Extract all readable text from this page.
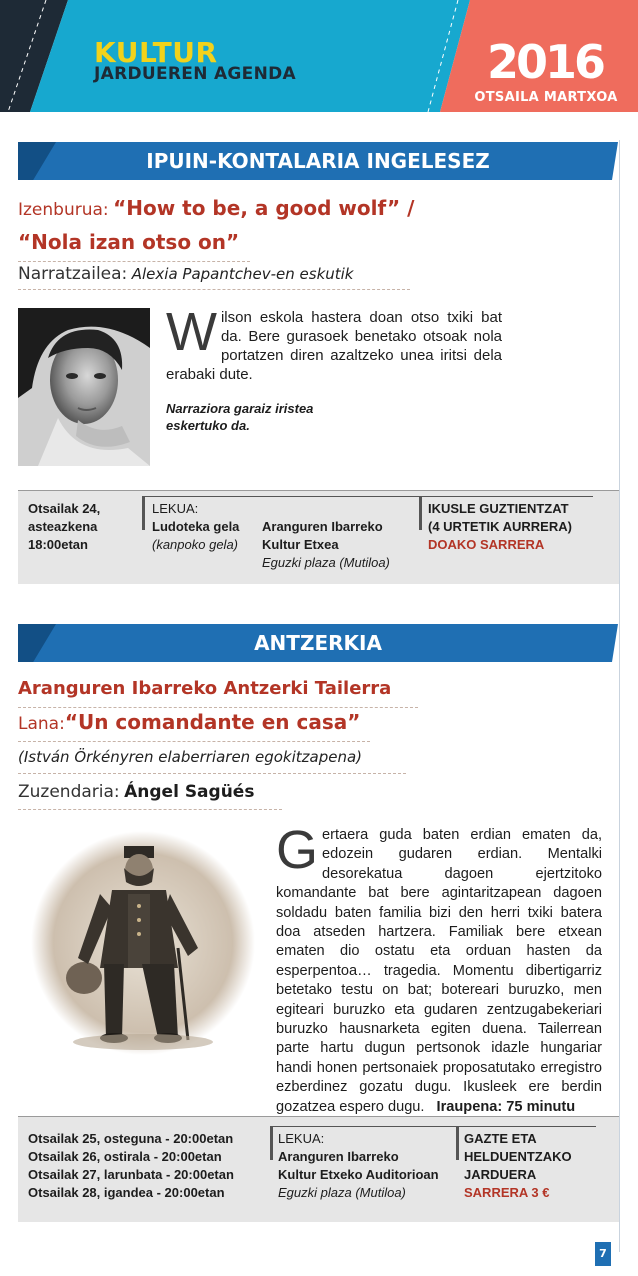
KULTUR
JARDUEREN AGENDA	2016
OTSAILA MARTXOA
IPUIN-KONTALARIA INGELESEZ
Izenburua: “How to be, a good wolf” /
“Nola izan otso on”
Narratzailea: Alexia Papantchev-en eskutik
Wilson eskola hastera doan otso txiki bat da. Bere gurasoek benetako otsoak nola portatzen diren azaltzeko unea iritsi dela erabaki dute.
Narraziora garaiz iristea
eskertuko da.
Otsailak 24,
asteazkena
18:00etan
LEKUA:
Ludoteka gela
(kanpoko gela)
Aranguren Ibarreko
Kultur Etxea
Eguzki plaza (Mutiloa)
IKUSLE GUZTIENTZAT
(4 URTETIK AURRERA)
DOAKO SARRERA
ANTZERKIA
Aranguren Ibarreko Antzerki Tailerra
Lana:“Un comandante en casa”
(István Örkényren elaberriaren egokitzapena)
Zuzendaria: Ángel Sagüés
Gertaera guda baten erdian ematen da, edozein gudaren erdian. Mentalki desorekatua dagoen ejertzitoko komandante bat bere agintaritzapean dagoen soldadu baten familia bizi den herri txiki batera doa atseden hartzera. Familiak bere etxean ematen dio ostatu eta orduan hasten da esperpentoa… tragedia. Momentu dibertigarriz betetako testu on bat; botereari buruzko, men egiteari buruzko eta gudaren zentzugabekeriari buruzko hausnarketa egiten duena. Tailerrean parte hartu dugun pertsonok idazle hungariar handi honen pertsonaiek proposatutako erregistro ezberdinez gozatu dugu. Ikusleek ere berdin gozatzea espero dugu. Iraupena: 75 minutu
Otsailak 25, osteguna - 20:00etan
Otsailak 26, ostirala - 20:00etan
Otsailak 27, larunbata - 20:00etan
Otsailak 28, igandea - 20:00etan
LEKUA:
Aranguren Ibarreko
Kultur Etxeko Auditorioan
Eguzki plaza (Mutiloa)
GAZTE ETA
HELDUENTZAKO
JARDUERA
SARRERA 3 €
7
